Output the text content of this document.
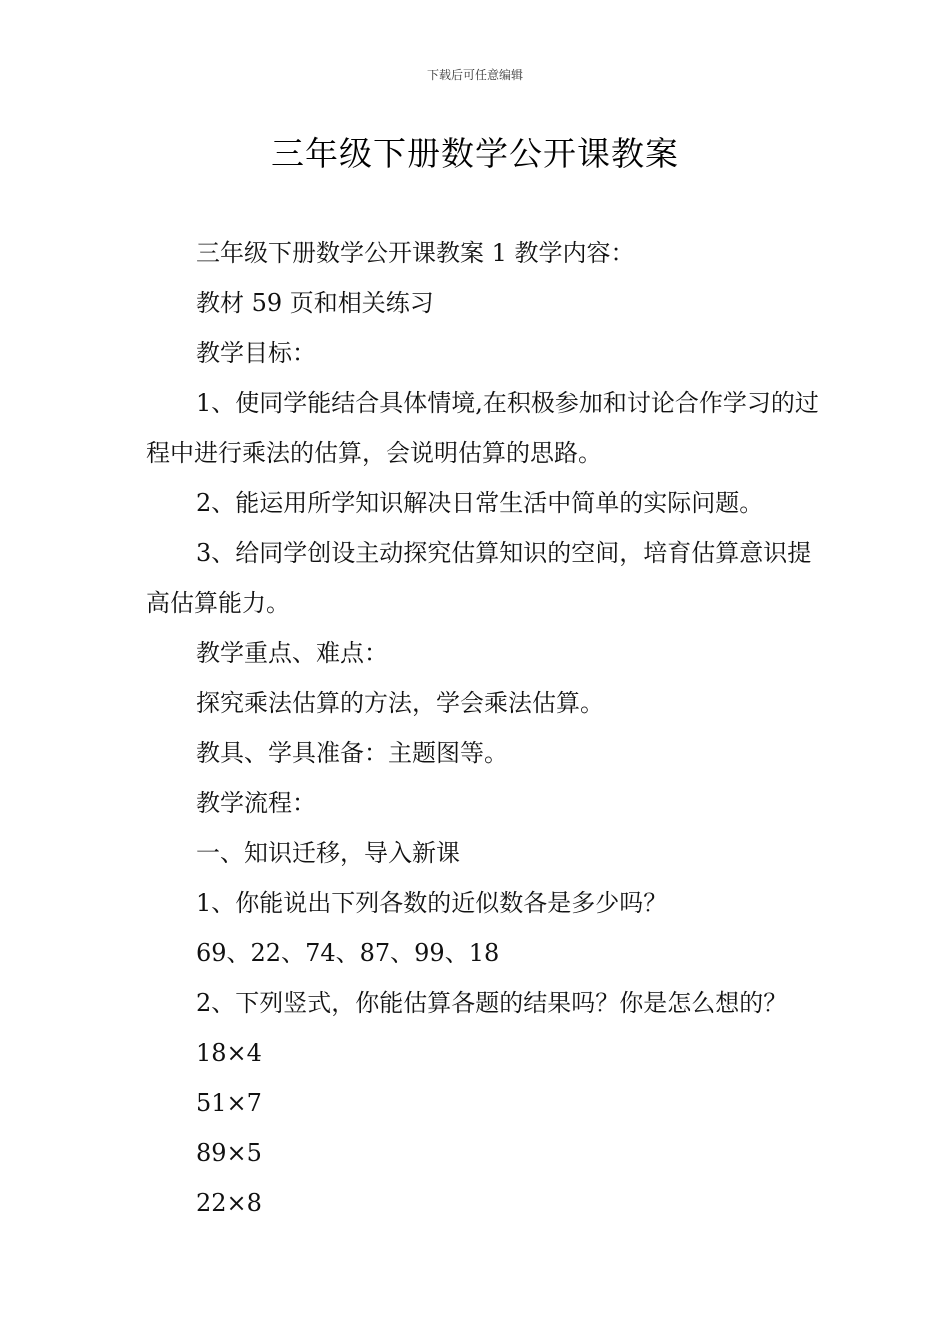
下载后可任意编辑
三年级下册数学公开课教案

三年级下册数学公开课教案 1 教学内容：

教材 59 页和相关练习

教学目标：

1、使同学能结合具体情境,在积极参加和讨论合作学习的过程中进行乘法的估算，会说明估算的思路。

2、能运用所学知识解决日常生活中简单的实际问题。

3、给同学创设主动探究估算知识的空间，培育估算意识提高估算能力。

教学重点、难点：

探究乘法估算的方法，学会乘法估算。

教具、学具准备：主题图等。

教学流程：

一、知识迁移，导入新课

1、你能说出下列各数的近似数各是多少吗？

69、22、74、87、99、18

2、下列竖式，你能估算各题的结果吗？你是怎么想的？

18×4

51×7

89×5

22×8
